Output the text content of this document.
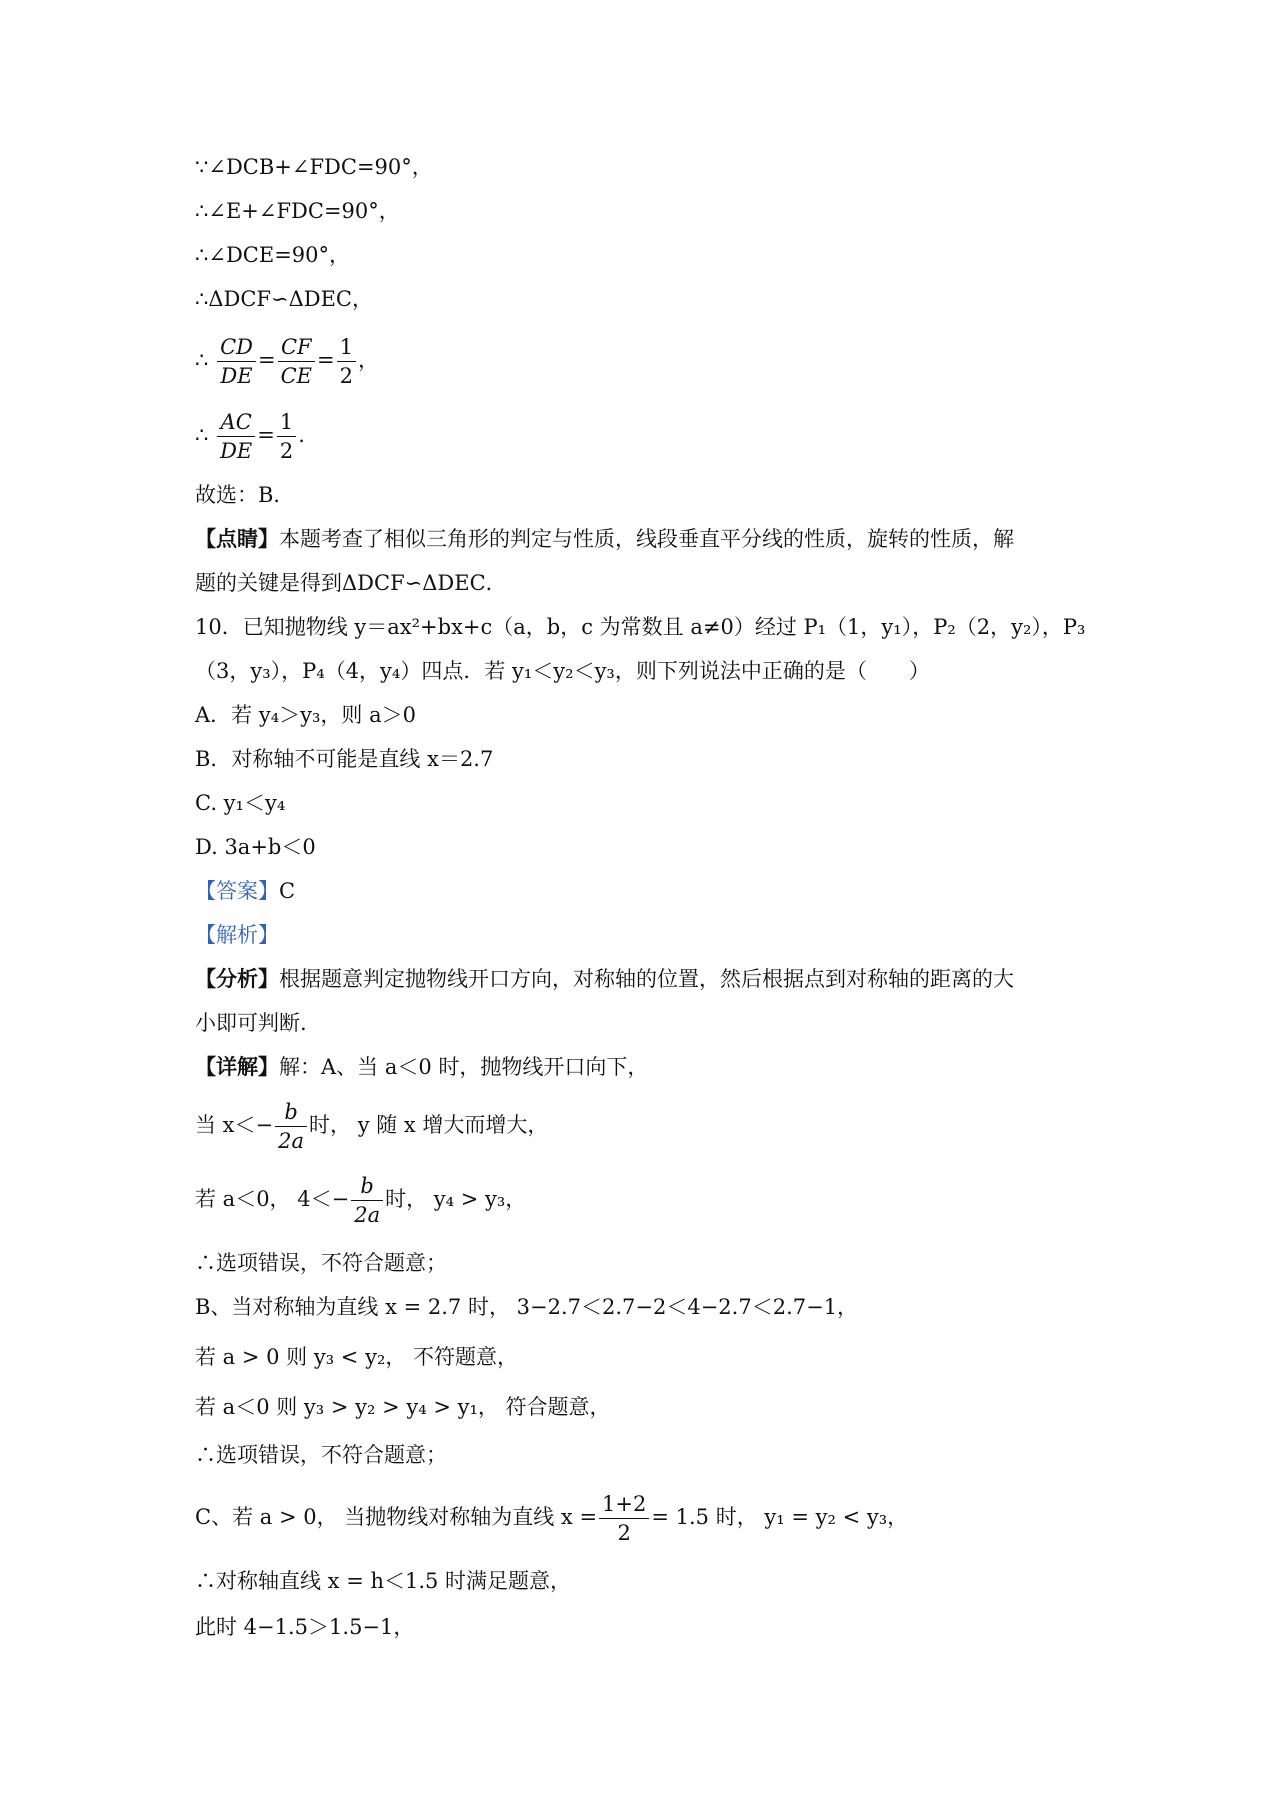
∵∠DCB+∠FDC=90°，
∴∠E+∠FDC=90°，
∴∠DCE=90°，
∴ΔDCF∽ΔDEC，
∴ $\frac{CD}{DE} = \frac{CF}{CE} = \frac{1}{2}$ ，
∴ $\frac{AC}{DE} = \frac{1}{2}$ .
故选：B．
【点睛】本题考查了相似三角形的判定与性质，线段垂直平分线的性质，旋转的性质，解
题的关键是得到ΔDCF∽ΔDEC．
10．已知抛物线 y＝ax²+bx+c（a，b，c 为常数且 a≠0）经过 P₁（1，y₁），P₂（2，y₂），P₃
（3，y₃），P₄（4，y₄）四点．若 y₁＜y₂＜y₃，则下列说法中正确的是（　　）
A．若 y₄＞y₃，则 a＞0
B．对称轴不可能是直线 x＝2.7
C. y₁＜y₄
D. 3a+b＜0
【答案】C
【解析】
【分析】根据题意判定抛物线开口方向，对称轴的位置，然后根据点到对称轴的距离的大
小即可判断.
【详解】解：A、当 a＜0 时，抛物线开口向下，
当 $x<- \frac{b}{2a}$ 时， y 随 x 增大而增大，
若 a＜0， $4<- \frac{b}{2a}$ 时， y₄ > y₃，
∴选项错误，不符合题意；
B、当对称轴为直线 x = 2.7 时， 3−2.7＜2.7−2＜4−2.7＜2.7−1，
若 a > 0 则 y₃ < y₂， 不符题意，
若 a＜0 则 y₃ > y₂ > y₄ > y₁， 符合题意，
∴选项错误，不符合题意；
C、若 a > 0， 当抛物线对称轴为直线 $x = \frac{1+2}{2} = 1.5$ 时， y₁ = y₂ < y₃，
∴对称轴直线 x = h＜1.5 时满足题意，
此时 4−1.5＞1.5−1，
